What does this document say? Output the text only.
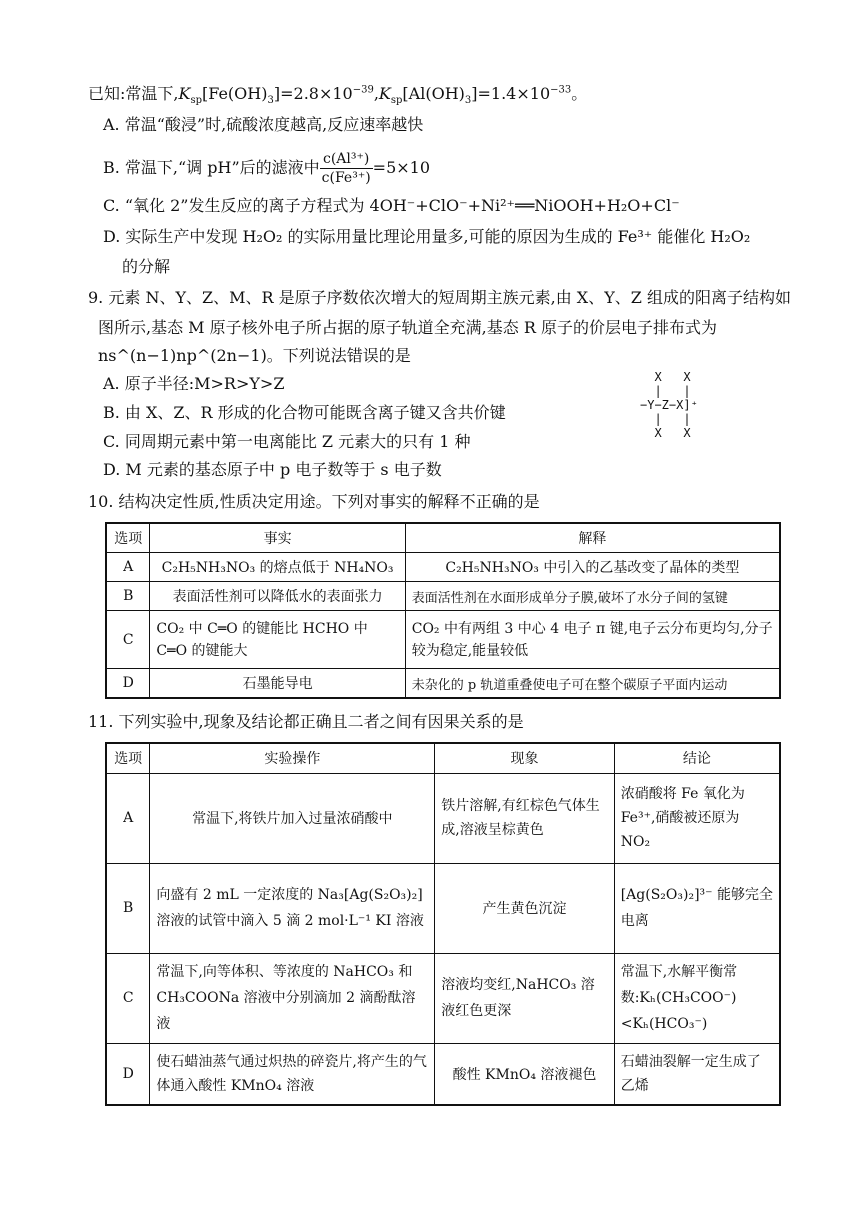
已知:常温下$,K_{sp}[Fe(OH)_3]=2.8\times 10^{-39},K_{sp}[Al(OH)_3]=1.4\times 10^{-33}$。
A. 常温“酸浸”时,硫酸浓度越高,反应速率越快
B. 常温下,“调 pH”后的滤液中 $\frac{\text{c(Al³⁺)}}{\text{c(Fe³⁺)}} =5\times 10$
C. “氧化 2”发生反应的离子方程式为 4OH⁻+ClO⁻+Ni²⁺══NiOOH+H₂O+Cl⁻
D. 实际生产中发现 H₂O₂ 的实际用量比理论用量多,可能的原因为生成的 Fe³⁺ 能催化 H₂O₂
的分解
9. 元素 N、Y、Z、M、R 是原子序数依次增大的短周期主族元素,由 X、Y、Z 组成的阳离子结构如
图所示,基态 M 原子核外电子所占据的原子轨道全充满,基态 R 原子的价层电子排布式为
ns^(n−1)np^(2n−1)。下列说法错误的是
A. 原子半径:M>R>Y>Z
B. 由 X、Z、R 形成的化合物可能既含离子键又含共价键
C. 同周期元素中第一电离能比 Z 元素大的只有 1 种
D. M 元素的基态原子中 p 电子数等于 s 电子数
X   X
|   |
−Y−Z−X]⁺
|   |
X   X
10. 结构决定性质,性质决定用途。下列对事实的解释不正确的是
选项	事实	解释
A	C₂H₅NH₃NO₃ 的熔点低于 NH₄NO₃	C₂H₅NH₃NO₃ 中引入的乙基改变了晶体的类型
B	表面活性剂可以降低水的表面张力	表面活性剂在水面形成单分子膜,破坏了水分子间的氢键
C	CO₂ 中 C═O 的键能比 HCHO 中 C═O 的键能大	CO₂ 中有两组 3 中心 4 电子 π 键,电子云分布更均匀,分子较为稳定,能量较低
D	石墨能导电	未杂化的 p 轨道重叠使电子可在整个碳原子平面内运动
11. 下列实验中,现象及结论都正确且二者之间有因果关系的是
选项	实验操作	现象	结论
A	常温下,将铁片加入过量浓硝酸中	铁片溶解,有红棕色气体生成,溶液呈棕黄色	浓硝酸将 Fe 氧化为 Fe³⁺,硝酸被还原为 NO₂
B	向盛有 2 mL 一定浓度的 Na₃[Ag(S₂O₃)₂] 溶液的试管中滴入 5 滴 2 mol·L⁻¹ KI 溶液	产生黄色沉淀	[Ag(S₂O₃)₂]³⁻ 能够完全电离
C	常温下,向等体积、等浓度的 NaHCO₃ 和 CH₃COONa 溶液中分别滴加 2 滴酚酞溶液	溶液均变红,NaHCO₃ 溶液红色更深	常温下,水解平衡常数:Kₕ(CH₃COO⁻)<Kₕ(HCO₃⁻)
D	使石蜡油蒸气通过炽热的碎瓷片,将产生的气体通入酸性 KMnO₄ 溶液	酸性 KMnO₄ 溶液褪色	石蜡油裂解一定生成了乙烯
